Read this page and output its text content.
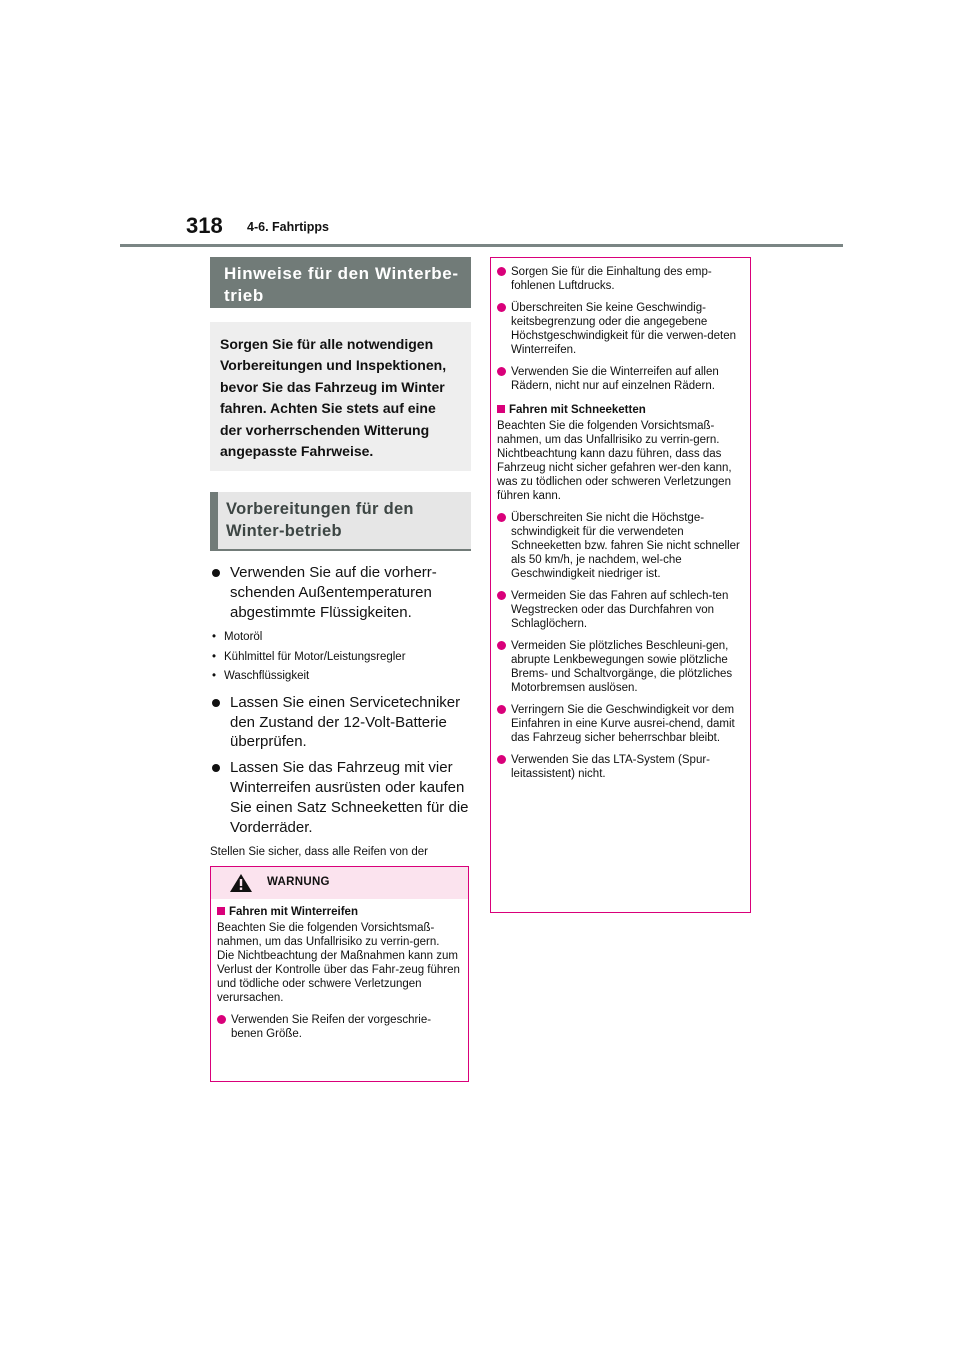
318 4-6. Fahrtipps
Hinweise für den Winterbe-trieb
Sorgen Sie für alle notwendigen Vorbereitungen und Inspektionen, bevor Sie das Fahrzeug im Winter fahren. Achten Sie stets auf eine der vorherrschenden Witterung angepasste Fahrweise.
Vorbereitungen für den Winter-betrieb
Verwenden Sie auf die vorherr-schenden Außentemperaturen abgestimmte Flüssigkeiten.
• Motoröl
• Kühlmittel für Motor/Leistungsregler
• Waschflüssigkeit
Lassen Sie einen Servicetechniker den Zustand der 12-Volt-Batterie überprüfen.
Lassen Sie das Fahrzeug mit vier Winterreifen ausrüsten oder kaufen Sie einen Satz Schneeketten für die Vorderräder.
Stellen Sie sicher, dass alle Reifen von der
WARNUNG
Fahren mit Winterreifen
Beachten Sie die folgenden Vorsichtsmaß-nahmen, um das Unfallrisiko zu verrin-gern.
Die Nichtbeachtung der Maßnahmen kann zum Verlust der Kontrolle über das Fahr-zeug führen und tödliche oder schwere Verletzungen verursachen.
Verwenden Sie Reifen der vorgeschrie-benen Größe.
Sorgen Sie für die Einhaltung des emp-fohlenen Luftdrucks.
Überschreiten Sie keine Geschwindig-keitsbegrenzung oder die angegebene Höchstgeschwindigkeit für die verwen-deten Winterreifen.
Verwenden Sie die Winterreifen auf allen Rädern, nicht nur auf einzelnen Rädern.
Fahren mit Schneeketten
Beachten Sie die folgenden Vorsichtsmaß-nahmen, um das Unfallrisiko zu verrin-gern.
Nichtbeachtung kann dazu führen, dass das Fahrzeug nicht sicher gefahren wer-den kann, was zu tödlichen oder schweren Verletzungen führen kann.
Überschreiten Sie nicht die Höchstge-schwindigkeit für die verwendeten Schneeketten bzw. fahren Sie nicht schneller als 50 km/h, je nachdem, wel-che Geschwindigkeit niedriger ist.
Vermeiden Sie das Fahren auf schlech-ten Wegstrecken oder das Durchfahren von Schlaglöchern.
Vermeiden Sie plötzliches Beschleuni-gen, abrupte Lenkbewegungen sowie plötzliche Brems- und Schaltvorgänge, die plötzliches Motorbremsen auslösen.
Verringern Sie die Geschwindigkeit vor dem Einfahren in eine Kurve ausrei-chend, damit das Fahrzeug sicher beherrschbar bleibt.
Verwenden Sie das LTA-System (Spur-leitassistent) nicht.
